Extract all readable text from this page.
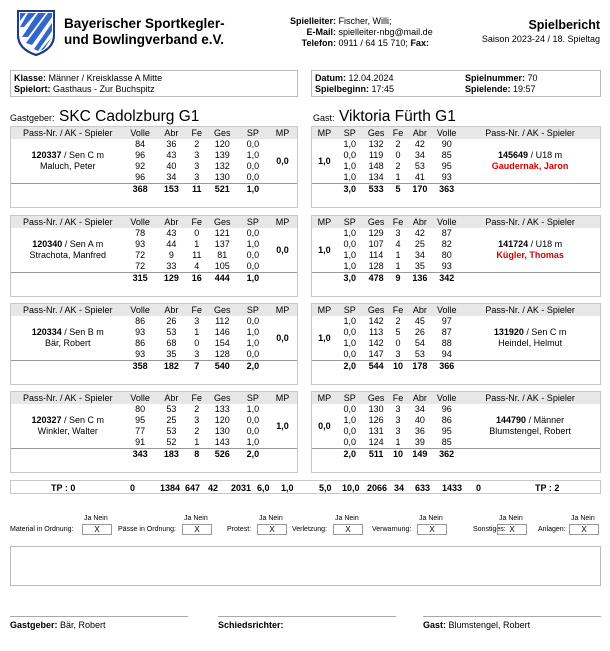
Bayerischer Sportkegler-
und Bowlingverband e.V.
Spielleiter: Fischer, Willi;
E-Mail: spielleiter-nbg@mail.de
Telefon: 0911 / 64 15 710; Fax:
Spielbericht
Saison 2023-24 / 18. Spieltag
Klasse: Männer / Kreisklasse A Mitte
Spielort: Gasthaus - Zur Buchspitz
Datum: 12.04.2024
Spielbeginn: 17:45
Spielnummer: 70
Spielende: 19:57
Gastgeber: SKC Cadolzburg G1	Gast: Viktoria Fürth G1
Pass-Nr. / AK - Spieler	Volle	Abr	Fe	Ges	SP	MP
120337 / Sen C m
Maluch, Peter	84	36	2	120	0,0	0,0
	96	43	3	139	1,0	
	92	40	3	132	0,0	
	96	34	3	130	0,0	
	368	153	11	521	1,0	
MP	SP	Ges	Fe	Abr	Volle	Pass-Nr. / AK - Spieler
1,0	1,0	132	2	42	90	145649 / U18 m
Gaudernak, Jaron
	0,0	119	0	34	85	
	1,0	148	2	53	95	
	1,0	134	1	41	93	
	3,0	533	5	170	363	
Pass-Nr. / AK - Spieler	Volle	Abr	Fe	Ges	SP	MP
120340 / Sen A m
Strachota, Manfred	78	43	0	121	0,0	0,0
	93	44	1	137	1,0	
	72	9	11	81	0,0	
	72	33	4	105	0,0	
	315	129	16	444	1,0	
MP	SP	Ges	Fe	Abr	Volle	Pass-Nr. / AK - Spieler
1,0	1,0	129	3	42	87	141724 / U18 m
Kügler, Thomas
	0,0	107	4	25	82	
	1,0	114	1	34	80	
	1,0	128	1	35	93	
	3,0	478	9	136	342	
Pass-Nr. / AK - Spieler	Volle	Abr	Fe	Ges	SP	MP
120334 / Sen B m
Bär, Robert	86	26	3	112	0,0	0,0
	93	53	1	146	1,0	
	86	68	0	154	1,0	
	93	35	3	128	0,0	
	358	182	7	540	2,0	
MP	SP	Ges	Fe	Abr	Volle	Pass-Nr. / AK - Spieler
1,0	1,0	142	2	45	97	131920 / Sen C m
Heindel, Helmut
	0,0	113	5	26	87	
	1,0	142	0	54	88	
	0,0	147	3	53	94	
	2,0	544	10	178	366	
Pass-Nr. / AK - Spieler	Volle	Abr	Fe	Ges	SP	MP
120327 / Sen C m
Winkler, Walter	80	53	2	133	1,0	1,0
	95	25	3	120	0,0	
	77	53	2	130	0,0	
	91	52	1	143	1,0	
	343	183	8	526	2,0	
MP	SP	Ges	Fe	Abr	Volle	Pass-Nr. / AK - Spieler
0,0	0,0	130	3	34	96	144790 / Männer
Blumstengel, Robert
	1,0	126	3	40	86	
	0,0	131	3	36	95	
	0,0	124	1	39	85	
	2,0	511	10	149	362	
TP : 0	0	1384 647 42 2031 6,0 1,0	5,0 10,0 2066 34 633 1433 0	TP : 2
Material in Ordnung:
Ja Nein
X	Pässe in Ordnung:
Ja Nein
X	Protest:
Ja Nein
X	Verletzung:
Ja Nein
X	Verwarnung:
Ja Nein
X	Sonstiges:
Ja Nein
X	Anlagen:
Ja Nein
X
Gastgeber: Bär, Robert	Schiedsrichter:	Gast: Blumstengel, Robert
